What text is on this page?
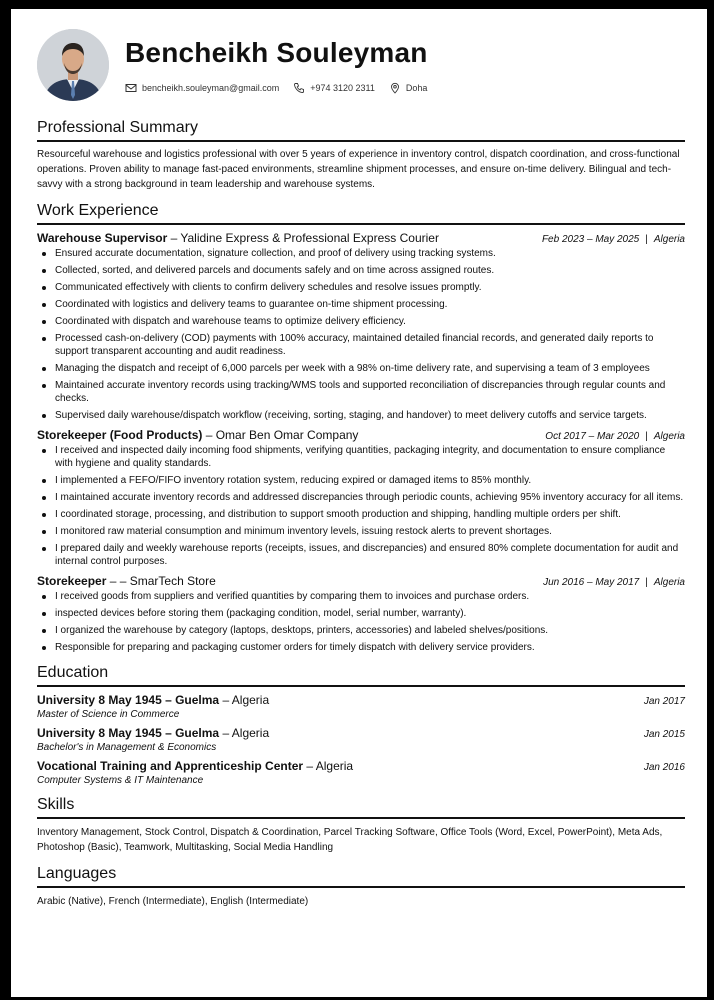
Bencheikh Souleyman
bencheikh.souleyman@gmail.com	+974 3120 2311	Doha
Professional Summary
Resourceful warehouse and logistics professional with over 5 years of experience in inventory control, dispatch coordination, and cross-functional operations. Proven ability to manage fast-paced environments, streamline shipment processes, and ensure on-time delivery. Bilingual and tech-savvy with a strong background in team leadership and warehouse systems.
Work Experience
Warehouse Supervisor – Yalidine Express & Professional Express Courier	Feb 2023 – May 2025 | Algeria
Ensured accurate documentation, signature collection, and proof of delivery using tracking systems.
Collected, sorted, and delivered parcels and documents safely and on time across assigned routes.
Communicated effectively with clients to confirm delivery schedules and resolve issues promptly.
Coordinated with logistics and delivery teams to guarantee on-time shipment processing.
Coordinated with dispatch and warehouse teams to optimize delivery efficiency.
Processed cash-on-delivery (COD) payments with 100% accuracy, maintained detailed financial records, and generated daily reports to support transparent accounting and audit readiness.
Managing the dispatch and receipt of 6,000 parcels per week with a 98% on-time delivery rate, and supervising a team of 3 employees
Maintained accurate inventory records using tracking/WMS tools and supported reconciliation of discrepancies through regular counts and checks.
Supervised daily warehouse/dispatch workflow (receiving, sorting, staging, and handover) to meet delivery cutoffs and service targets.
Storekeeper (Food Products) – Omar Ben Omar Company	Oct 2017 – Mar 2020 | Algeria
I received and inspected daily incoming food shipments, verifying quantities, packaging integrity, and documentation to ensure compliance with hygiene and quality standards.
I implemented a FEFO/FIFO inventory rotation system, reducing expired or damaged items to 85% monthly.
I maintained accurate inventory records and addressed discrepancies through periodic counts, achieving 95% inventory accuracy for all items.
I coordinated storage, processing, and distribution to support smooth production and shipping, handling multiple orders per shift.
I monitored raw material consumption and minimum inventory levels, issuing restock alerts to prevent shortages.
I prepared daily and weekly warehouse reports (receipts, issues, and discrepancies) and ensured 80% complete documentation for audit and internal control purposes.
Storekeeper – – SmarTech Store	Jun 2016 – May 2017 | Algeria
I received goods from suppliers and verified quantities by comparing them to invoices and purchase orders.
inspected devices before storing them (packaging condition, model, serial number, warranty).
I organized the warehouse by category (laptops, desktops, printers, accessories) and labeled shelves/positions.
Responsible for preparing and packaging customer orders for timely dispatch with delivery service providers.
Education
University 8 May 1945 – Guelma – Algeria	Jan 2017
Master of Science in Commerce
University 8 May 1945 – Guelma – Algeria	Jan 2015
Bachelor's in Management & Economics
Vocational Training and Apprenticeship Center – Algeria	Jan 2016
Computer Systems & IT Maintenance
Skills
Inventory Management, Stock Control, Dispatch & Coordination, Parcel Tracking Software, Office Tools (Word, Excel, PowerPoint), Meta Ads, Photoshop (Basic), Teamwork, Multitasking, Social Media Handling
Languages
Arabic (Native), French (Intermediate), English (Intermediate)
